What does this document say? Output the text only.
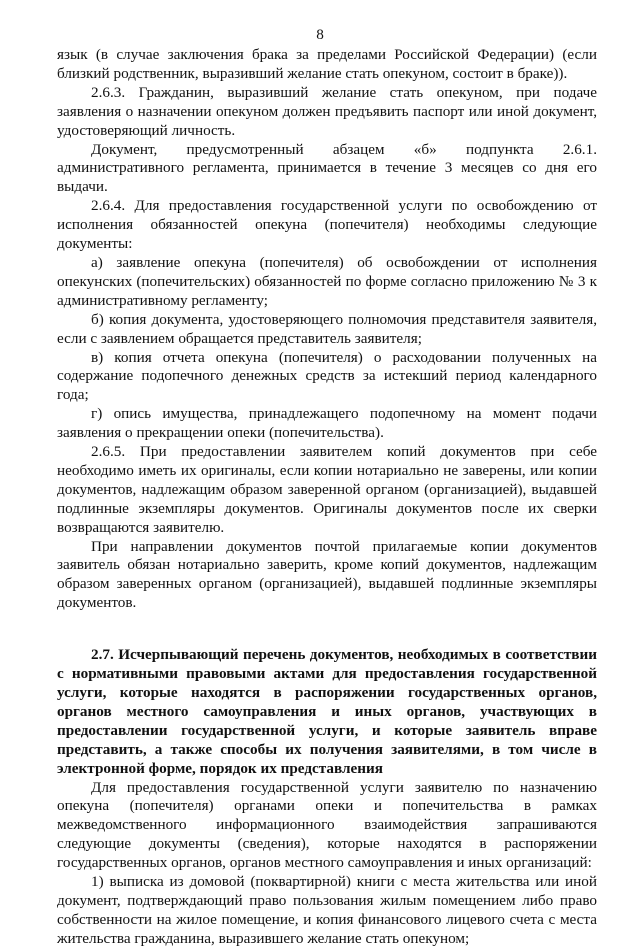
8

язык (в случае заключения брака за пределами Российской Федерации) (если близкий родственник, выразивший желание стать опекуном, состоит в браке)).

2.6.3. Гражданин, выразивший желание стать опекуном, при подаче заявления о назначении опекуном должен предъявить паспорт или иной документ, удостоверяющий личность.

Документ, предусмотренный абзацем «б» подпункта 2.6.1. административного регламента, принимается в течение 3 месяцев со дня его выдачи.

2.6.4. Для предоставления государственной услуги по освобождению от исполнения обязанностей опекуна (попечителя) необходимы следующие документы:

а) заявление опекуна (попечителя) об освобождении от исполнения опекунских (попечительских) обязанностей по форме согласно приложению № 3 к административному регламенту;

б) копия документа, удостоверяющего полномочия представителя заявителя, если с заявлением обращается представитель заявителя;

в) копия отчета опекуна (попечителя) о расходовании полученных на содержание подопечного денежных средств за истекший период календарного года;

г) опись имущества, принадлежащего подопечному на момент подачи заявления о прекращении опеки (попечительства).

2.6.5. При предоставлении заявителем копий документов при себе необходимо иметь их оригиналы, если копии нотариально не заверены, или копии документов, надлежащим образом заверенной органом (организацией), выдавшей подлинные экземпляры документов. Оригиналы документов после их сверки возвращаются заявителю.

При направлении документов почтой прилагаемые копии документов заявитель обязан нотариально заверить, кроме копий документов, надлежащим образом заверенных органом (организацией), выдавшей подлинные экземпляры документов.

2.7. Исчерпывающий перечень документов, необходимых в соответствии с нормативными правовыми актами для предоставления государственной услуги, которые находятся в распоряжении государственных органов, органов местного самоуправления и иных органов, участвующих в предоставлении государственной услуги, и которые заявитель вправе представить, а также способы их получения заявителями, в том числе в электронной форме, порядок их представления

Для предоставления государственной услуги заявителю по назначению опекуна (попечителя) органами опеки и попечительства в рамках межведомственного информационного взаимодействия запрашиваются следующие документы (сведения), которые находятся в распоряжении государственных органов, органов местного самоуправления и иных организаций:

1) выписка из домовой (поквартирной) книги с места жительства или иной документ, подтверждающий право пользования жилым помещением либо право собственности на жилое помещение, и копия финансового лицевого счета с места жительства гражданина, выразившего желание стать опекуном;
